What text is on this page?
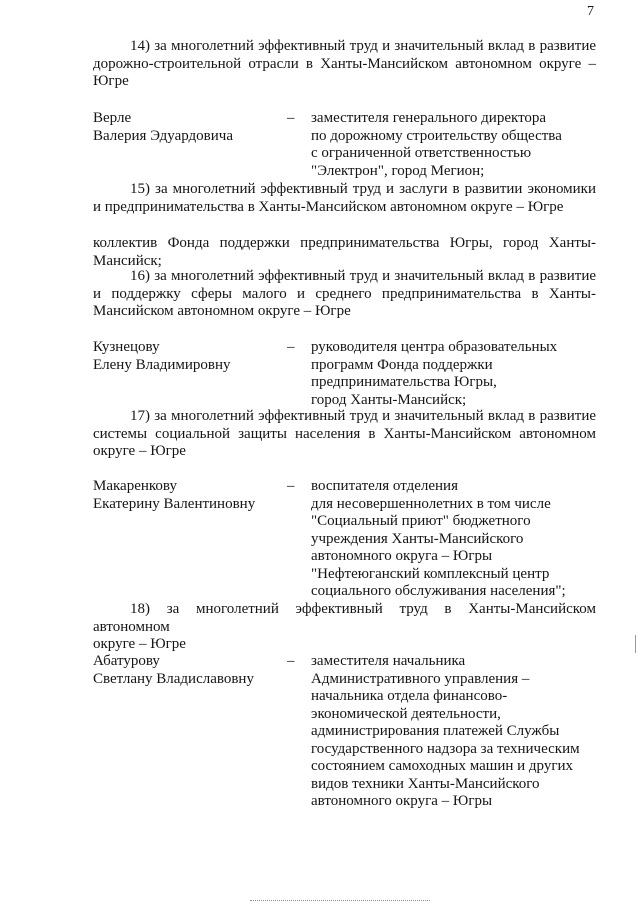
7
14) за многолетний эффективный труд и значительный вклад в развитие
дорожно-строительной отрасли в Ханты-Мансийском автономном округе –
Югре
Верле
Валерия Эдуардовича
– заместителя генерального директора
по дорожному строительству общества
с ограниченной ответственностью
"Электрон", город Мегион;
15) за многолетний эффективный труд и заслуги в развитии экономики
и предпринимательства в Ханты-Мансийском автономном округе – Югре
коллектив Фонда поддержки предпринимательства Югры, город Ханты-
Мансийск;
16) за многолетний эффективный труд и значительный вклад в развитие
и поддержку сферы малого и среднего предпринимательства в Ханты-
Мансийском автономном округе – Югре
Кузнецову
Елену Владимировну
– руководителя центра образовательных
программ Фонда поддержки
предпринимательства Югры,
город Ханты-Мансийск;
17) за многолетний эффективный труд и значительный вклад в развитие
системы социальной защиты населения в Ханты-Мансийском автономном
округе – Югре
Макаренкову
Екатерину Валентиновну
– воспитателя отделения
для несовершеннолетних в том числе
"Социальный приют" бюджетного
учреждения Ханты-Мансийского
автономного округа – Югры
"Нефтеюганский комплексный центр
социального обслуживания населения";
18) за многолетний эффективный труд в Ханты-Мансийском автономном
округе – Югре
Абатурову
Светлану Владиславовну
– заместителя начальника
Административного управления –
начальника отдела финансово-
экономической деятельности,
администрирования платежей Службы
государственного надзора за техническим
состоянием самоходных машин и других
видов техники Ханты-Мансийского
автономного округа – Югры
